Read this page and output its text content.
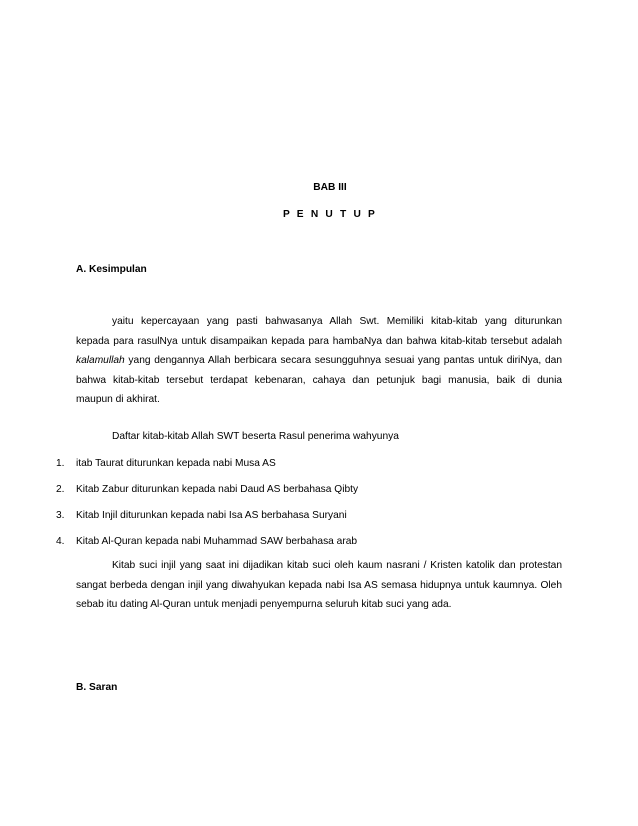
BAB III
P E N U T U P
A. Kesimpulan
yaitu kepercayaan yang pasti bahwasanya Allah Swt. Memiliki kitab-kitab yang diturunkan
kepada para rasulNya untuk disampaikan kepada para hambaNya dan bahwa kitab-kitab tersebut adalah
kalamullah yang dengannya Allah berbicara secara sesungguhnya sesuai yang pantas untuk diriNya, dan
bahwa kitab-kitab tersebut terdapat kebenaran, cahaya dan petunjuk bagi manusia, baik di dunia
maupun di akhirat.
Daftar kitab-kitab Allah SWT beserta Rasul penerima wahyunya
1. itab Taurat diturunkan kepada nabi Musa AS
2. Kitab Zabur diturunkan kepada nabi Daud AS berbahasa Qibty
3. Kitab Injil diturunkan kepada nabi Isa AS berbahasa Suryani
4. Kitab Al-Quran kepada nabi Muhammad SAW berbahasa arab
Kitab suci injil yang saat ini dijadikan kitab suci oleh kaum nasrani / Kristen katolik dan protestan
sangat berbeda dengan injil yang diwahyukan kepada nabi Isa AS semasa hidupnya untuk kaumnya. Oleh
sebab itu dating Al-Quran untuk menjadi penyempurna seluruh kitab suci yang ada.
B. Saran
